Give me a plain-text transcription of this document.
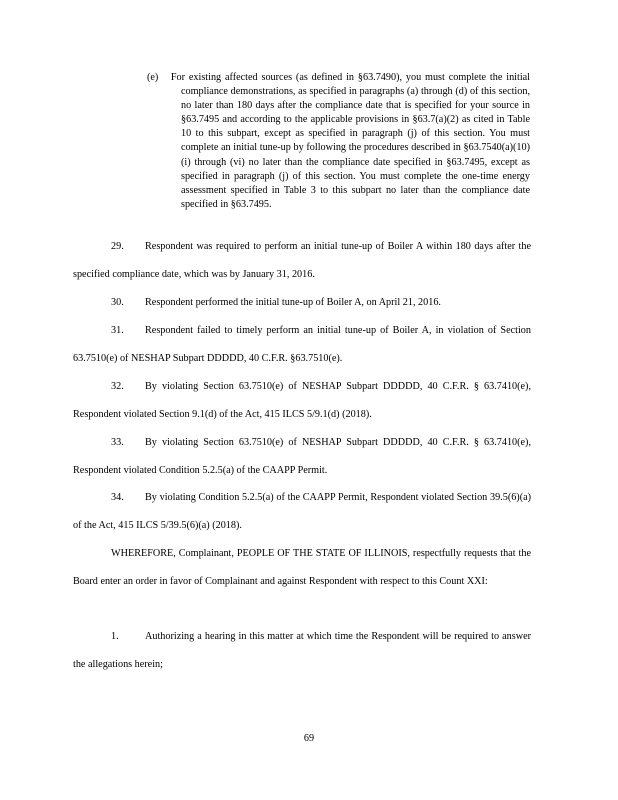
(e) For existing affected sources (as defined in §63.7490), you must complete the initial compliance demonstrations, as specified in paragraphs (a) through (d) of this section, no later than 180 days after the compliance date that is specified for your source in §63.7495 and according to the applicable provisions in §63.7(a)(2) as cited in Table 10 to this subpart, except as specified in paragraph (j) of this section. You must complete an initial tune-up by following the procedures described in §63.7540(a)(10)(i) through (vi) no later than the compliance date specified in §63.7495, except as specified in paragraph (j) of this section. You must complete the one-time energy assessment specified in Table 3 to this subpart no later than the compliance date specified in §63.7495.
29. Respondent was required to perform an initial tune-up of Boiler A within 180 days after the specified compliance date, which was by January 31, 2016.
30. Respondent performed the initial tune-up of Boiler A, on April 21, 2016.
31. Respondent failed to timely perform an initial tune-up of Boiler A, in violation of Section 63.7510(e) of NESHAP Subpart DDDDD, 40 C.F.R. §63.7510(e).
32. By violating Section 63.7510(e) of NESHAP Subpart DDDDD, 40 C.F.R. § 63.7410(e), Respondent violated Section 9.1(d) of the Act, 415 ILCS 5/9.1(d) (2018).
33. By violating Section 63.7510(e) of NESHAP Subpart DDDDD, 40 C.F.R. § 63.7410(e), Respondent violated Condition 5.2.5(a) of the CAAPP Permit.
34. By violating Condition 5.2.5(a) of the CAAPP Permit, Respondent violated Section 39.5(6)(a) of the Act, 415 ILCS 5/39.5(6)(a) (2018).
WHEREFORE, Complainant, PEOPLE OF THE STATE OF ILLINOIS, respectfully requests that the Board enter an order in favor of Complainant and against Respondent with respect to this Count XXI:
1.	Authorizing a hearing in this matter at which time the Respondent will be required to answer the allegations herein;
69
